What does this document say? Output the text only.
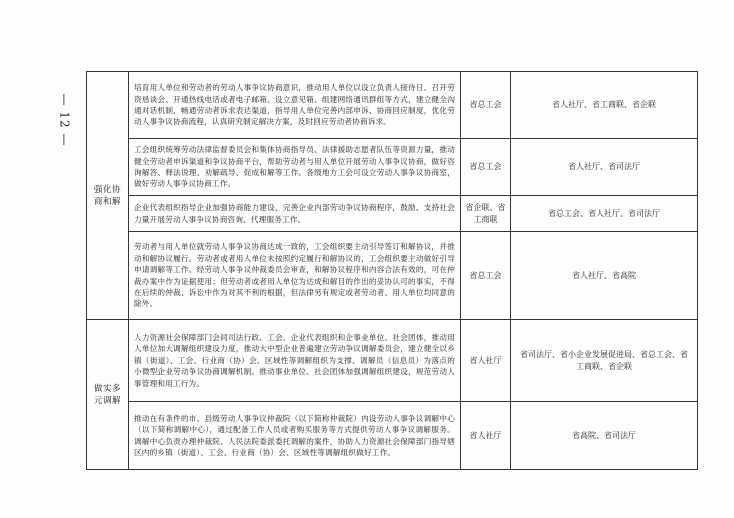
— 12 —
强化协商和解	培育用人单位和劳动者的劳动人事争议协商意识，推动用人单位以设立负责人接待日、召开劳资恳谈会、开通热线电话或者电子邮箱、设立意见箱、组建网络通讯群组等方式，建立健全沟通对话机制，畅通劳动者诉求表达渠道，指导用人单位完善内部申诉、协商回应制度，优化劳动人事争议协商流程，认真研究制定解决方案，及时回应劳动者协商诉求。	省总工会	省人社厅、省工商联、省企联
	工会组织统筹劳动法律监督委员会和集体协商指导员、法律援助志愿者队伍等资源力量，推动健全劳动者申诉渠道和争议协商平台，帮助劳动者与用人单位开展劳动人事争议协商，做好咨询解答、释法说理、劝解疏导、促成和解等工作。各级地方工会可设立劳动人事争议协商室，做好劳动人事争议协商工作。	省总工会	省人社厅、省司法厅
	企业代表组织指导企业加强协商能力建设，完善企业内部劳动争议协商程序，鼓励、支持社会力量开展劳动人事争议协商咨询、代理服务工作。	省企联、省工商联	省总工会、省人社厅、省司法厅
	劳动者与用人单位就劳动人事争议协商达成一致的，工会组织要主动引导签订和解协议，并推动和解协议履行。劳动者或者用人单位未按照约定履行和解协议的，工会组织要主动做好引导申请调解等工作。经劳动人事争议仲裁委员会审查，和解协议程序和内容合法有效的，可在仲裁办案中作为证据使用；但劳动者或者用人单位为达成和解目的作出的妥协认可的事实，不得在后续的仲裁、诉讼中作为对其不利的根据，但法律另有规定或者劳动者、用人单位均同意的除外。	省总工会	省人社厅、省高院
做实多元调解	人力资源社会保障部门会同司法行政、工会、企业代表组织和企事业单位、社会团体，推动用人单位加大调解组织建设力度，推动大中型企业普遍建立劳动争议调解委员会，建立健全以乡镇（街道）、工会、行业商（协）会、区域性等调解组织为支撑、调解员（信息员）为落点的小微型企业劳动争议协商调解机制。推动事业单位、社会团体加强调解组织建设，规范劳动人事管理和用工行为。	省人社厅	省司法厅、省小企业发展促进局、省总工会、省工商联、省企联
	推动在有条件的市、县级劳动人事争议仲裁院（以下简称仲裁院）内设劳动人事争议调解中心（以下简称调解中心），通过配备工作人员或者购买服务等方式提供劳动人事争议调解服务。调解中心负责办理仲裁院、人民法院委派委托调解的案件，协助人力资源社会保障部门指导辖区内的乡镇（街道）、工会、行业商（协）会、区域性等调解组织做好工作。	省人社厅	省高院、省司法厅
